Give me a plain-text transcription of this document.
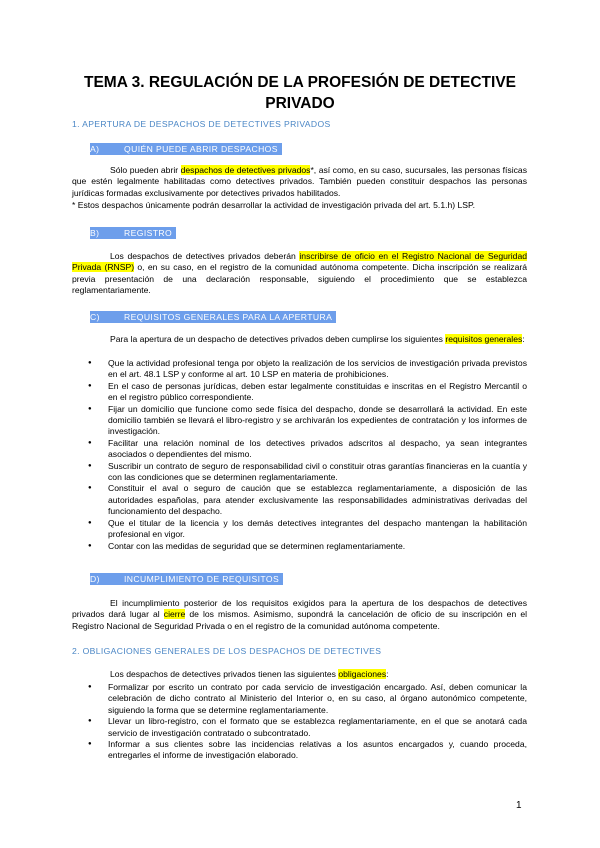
TEMA 3. REGULACIÓN DE LA PROFESIÓN DE DETECTIVE PRIVADO
1. APERTURA DE DESPACHOS DE DETECTIVES PRIVADOS
A)	QUIÉN PUEDE ABRIR DESPACHOS
Sólo pueden abrir despachos de detectives privados*, así como, en su caso, sucursales, las personas físicas que estén legalmente habilitadas como detectives privados. También pueden constituir despachos las personas jurídicas formadas exclusivamente por detectives privados habilitados.
* Estos despachos únicamente podrán desarrollar la actividad de investigación privada del art. 5.1.h) LSP.
B)	REGISTRO
Los despachos de detectives privados deberán inscribirse de oficio en el Registro Nacional de Seguridad Privada (RNSP) o, en su caso, en el registro de la comunidad autónoma competente. Dicha inscripción se realizará previa presentación de una declaración responsable, siguiendo el procedimiento que se establezca reglamentariamente.
C)	REQUISITOS GENERALES PARA LA APERTURA
Para la apertura de un despacho de detectives privados deben cumplirse los siguientes requisitos generales:
● Que la actividad profesional tenga por objeto la realización de los servicios de investigación privada previstos en el art. 48.1 LSP y conforme al art. 10 LSP en materia de prohibiciones.
● En el caso de personas jurídicas, deben estar legalmente constituidas e inscritas en el Registro Mercantil o en el registro público correspondiente.
● Fijar un domicilio que funcione como sede física del despacho, donde se desarrollará la actividad. En este domicilio también se llevará el libro-registro y se archivarán los expedientes de contratación y los informes de investigación.
● Facilitar una relación nominal de los detectives privados adscritos al despacho, ya sean integrantes asociados o dependientes del mismo.
● Suscribir un contrato de seguro de responsabilidad civil o constituir otras garantías financieras en la cuantía y con las condiciones que se determinen reglamentariamente.
● Constituir el aval o seguro de caución que se establezca reglamentariamente, a disposición de las autoridades españolas, para atender exclusivamente las responsabilidades administrativas derivadas del funcionamiento del despacho.
● Que el titular de la licencia y los demás detectives integrantes del despacho mantengan la habilitación profesional en vigor.
● Contar con las medidas de seguridad que se determinen reglamentariamente.
D)	INCUMPLIMIENTO DE REQUISITOS
El incumplimiento posterior de los requisitos exigidos para la apertura de los despachos de detectives privados dará lugar al cierre de los mismos. Asimismo, supondrá la cancelación de oficio de su inscripción en el Registro Nacional de Seguridad Privada o en el registro de la comunidad autónoma competente.
2. OBLIGACIONES GENERALES DE LOS DESPACHOS DE DETECTIVES
Los despachos de detectives privados tienen las siguientes obligaciones:
● Formalizar por escrito un contrato por cada servicio de investigación encargado. Así, deben comunicar la celebración de dicho contrato al Ministerio del Interior o, en su caso, al órgano autonómico competente, siguiendo la forma que se determine reglamentariamente.
● Llevar un libro-registro, con el formato que se establezca reglamentariamente, en el que se anotará cada servicio de investigación contratado o subcontratado.
● Informar a sus clientes sobre las incidencias relativas a los asuntos encargados y, cuando proceda, entregarles el informe de investigación elaborado.
1
